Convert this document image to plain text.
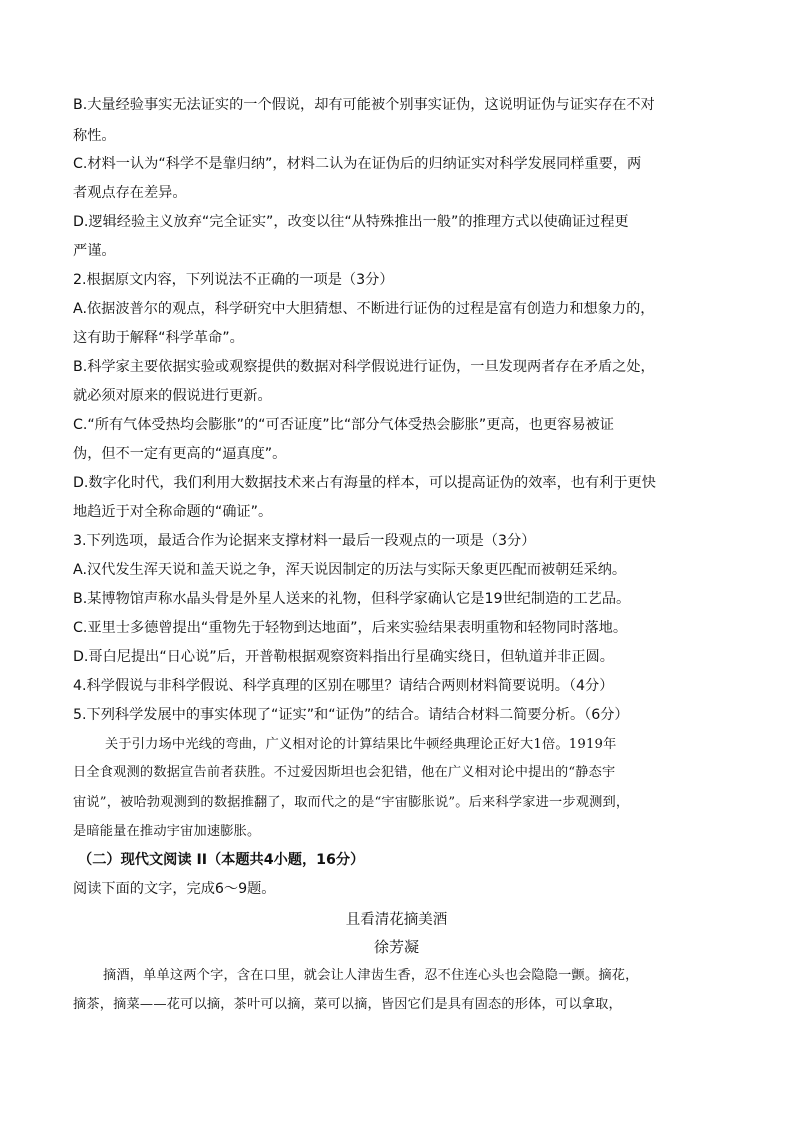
B.大量经验事实无法证实的一个假说，却有可能被个别事实证伪，这说明证伪与证实存在不对
称性。
C.材料一认为“科学不是靠归纳”，材料二认为在证伪后的归纳证实对科学发展同样重要，两
者观点存在差异。
D.逻辑经验主义放弃“完全证实”，改变以往“从特殊推出一般”的推理方式以使确证过程更
严谨。
2.根据原文内容，下列说法不正确的一项是（3分）
A.依据波普尔的观点，科学研究中大胆猜想、不断进行证伪的过程是富有创造力和想象力的，
这有助于解释“科学革命”。
B.科学家主要依据实验或观察提供的数据对科学假说进行证伪，一旦发现两者存在矛盾之处，
就必须对原来的假说进行更新。
C.“所有气体受热均会膨胀”的“可否证度”比“部分气体受热会膨胀”更高，也更容易被证
伪，但不一定有更高的“逼真度”。
D.数字化时代，我们利用大数据技术来占有海量的样本，可以提高证伪的效率，也有利于更快
地趋近于对全称命题的“确证”。
3.下列选项，最适合作为论据来支撑材料一最后一段观点的一项是（3分）
A.汉代发生浑天说和盖天说之争，浑天说因制定的历法与实际天象更匹配而被朝廷采纳。
B.某博物馆声称水晶头骨是外星人送来的礼物，但科学家确认它是19世纪制造的工艺品。
C.亚里士多德曾提出“重物先于轻物到达地面”，后来实验结果表明重物和轻物同时落地。
D.哥白尼提出“日心说”后，开普勒根据观察资料指出行星确实绕日，但轨道并非正圆。
4.科学假说与非科学假说、科学真理的区别在哪里？请结合两则材料简要说明。（4分）
5.下列科学发展中的事实体现了“证实”和“证伪”的结合。请结合材料二简要分析。（6分）
关于引力场中光线的弯曲，广义相对论的计算结果比牛顿经典理论正好大1倍。1919年
日全食观测的数据宣告前者获胜。不过爱因斯坦也会犯错，他在广义相对论中提出的“静态宇
宙说”，被哈勃观测到的数据推翻了，取而代之的是“宇宙膨胀说”。后来科学家进一步观测到，
是暗能量在推动宇宙加速膨胀。
（二）现代文阅读 II（本题共4小题，16分）
阅读下面的文字，完成6～9题。
且看清花摘美酒
徐芳凝
摘酒，单单这两个字，含在口里，就会让人津齿生香，忍不住连心头也会隐隐一颤。摘花，
摘茶，摘菜——花可以摘，茶叶可以摘，菜可以摘，皆因它们是具有固态的形体，可以拿取，
